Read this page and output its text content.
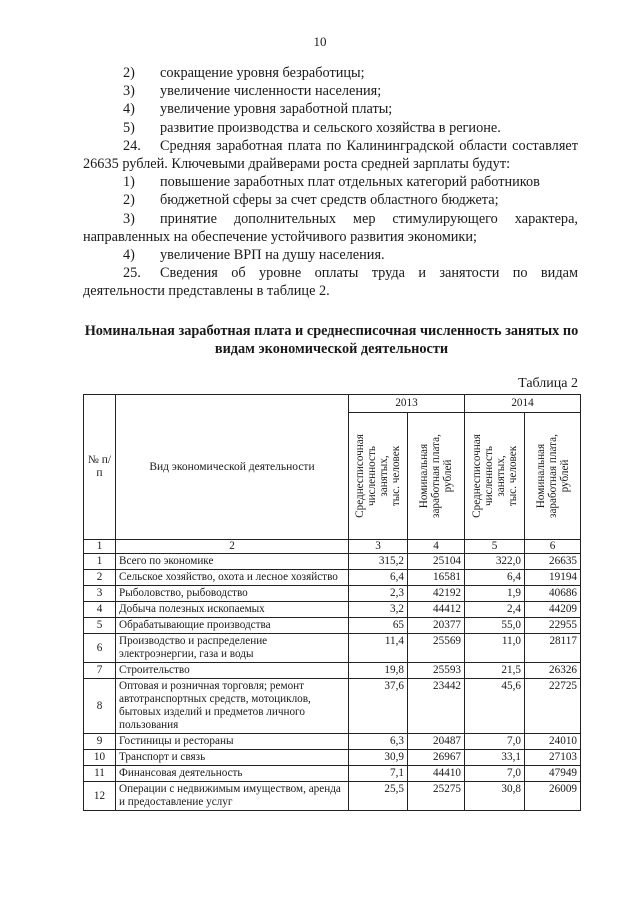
10

2) сокращение уровня безработицы;

3) увеличение численности населения;

4) увеличение уровня заработной платы;

5) развитие производства и сельского хозяйства в регионе.

24. Средняя заработная плата по Калининградской области составляет 26635 рублей. Ключевыми драйверами роста средней зарплаты будут:

1) повышение заработных плат отдельных категорий работников

2) бюджетной сферы за счет средств областного бюджета;

3) принятие дополнительных мер стимулирующего характера, направленных на обеспечение устойчивого развития экономики;

4) увеличение ВРП на душу населения.

25. Сведения об уровне оплаты труда и занятости по видам деятельности представлены в таблице 2.

Номинальная заработная плата и среднесписочная численность занятых по видам экономической деятельности
Таблица 2
№ п/п	Вид экономической деятельности	2013		2014	

		Среднесписочная
численность
занятых,
тыс. человек	Номинальная
заработная плата,
рублей	Среднесписочная
численность
занятых,
тыс. человек	Номинальная
заработная плата,
рублей

1	2	3	4	5	6
1	Всего по экономике	315,2	25104	322,0	26635
2	Сельское хозяйство, охота и лесное хозяйство	6,4	16581	6,4	19194
3	Рыболовство, рыбоводство	2,3	42192	1,9	40686
4	Добыча полезных ископаемых	3,2	44412	2,4	44209
5	Обрабатывающие производства	65	20377	55,0	22955
6	Производство и распределение электроэнергии, газа и воды	11,4	25569	11,0	28117
7	Строительство	19,8	25593	21,5	26326
8	Оптовая и розничная торговля; ремонт автотранспортных средств, мотоциклов, бытовых изделий и предметов личного пользования	37,6	23442	45,6	22725
9	Гостиницы и рестораны	6,3	20487	7,0	24010
10	Транспорт и связь	30,9	26967	33,1	27103
11	Финансовая деятельность	7,1	44410	7,0	47949
12	Операции с недвижимым имуществом, аренда и предоставление услуг	25,5	25275	30,8	26009
